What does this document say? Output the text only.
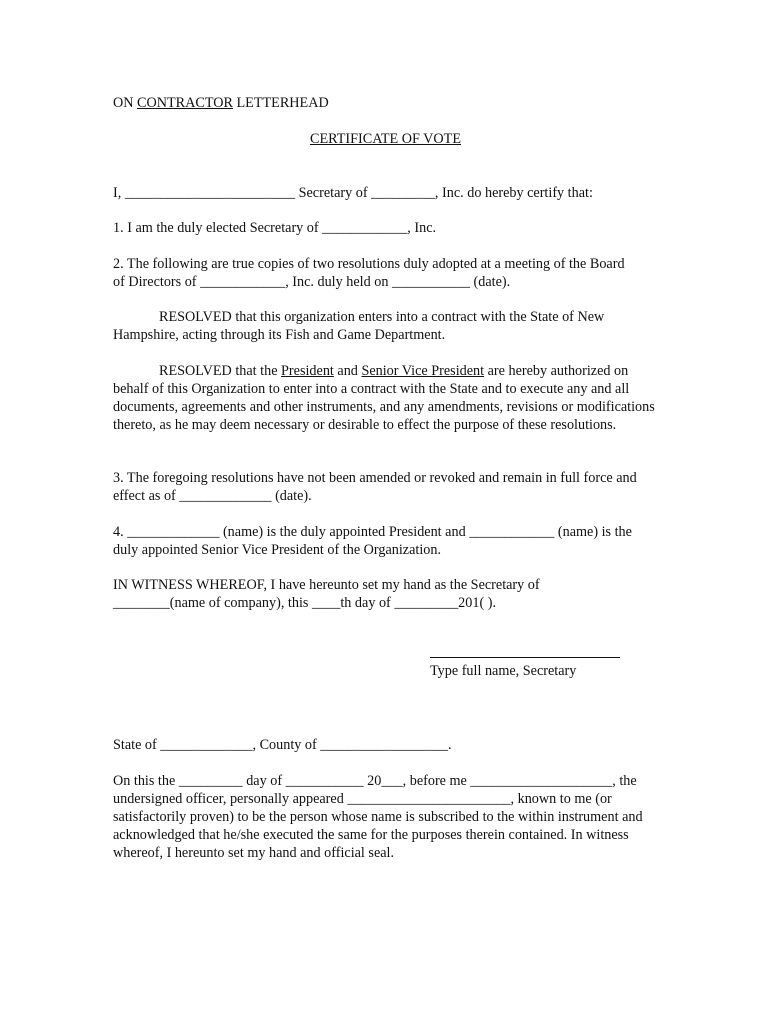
ON CONTRACTOR LETTERHEAD
CERTIFICATE OF VOTE
I, ________________________ Secretary of _________, Inc. do hereby certify that:
1. I am the duly elected Secretary of ____________, Inc.
2. The following are true copies of two resolutions duly adopted at a meeting of the Board of Directors of ____________, Inc. duly held on ___________ (date).
RESOLVED that this organization enters into a contract with the State of New Hampshire, acting through its Fish and Game Department.
RESOLVED that the President and Senior Vice President are hereby authorized on behalf of this Organization to enter into a contract with the State and to execute any and all documents, agreements and other instruments, and any amendments, revisions or modifications thereto, as he may deem necessary or desirable to effect the purpose of these resolutions.
3. The foregoing resolutions have not been amended or revoked and remain in full force and effect as of _____________ (date).
4. _____________ (name) is the duly appointed President and ____________ (name) is the duly appointed Senior Vice President of the Organization.
IN WITNESS WHEREOF, I have hereunto set my hand as the Secretary of ________(name of company), this ____th day of _________201( ).
Type full name, Secretary
State of _____________, County of __________________.
On this the _________ day of ___________ 20___, before me ____________________, the undersigned officer, personally appeared _______________________, known to me (or satisfactorily proven) to be the person whose name is subscribed to the within instrument and acknowledged that he/she executed the same for the purposes therein contained. In witness whereof, I hereunto set my hand and official seal.
